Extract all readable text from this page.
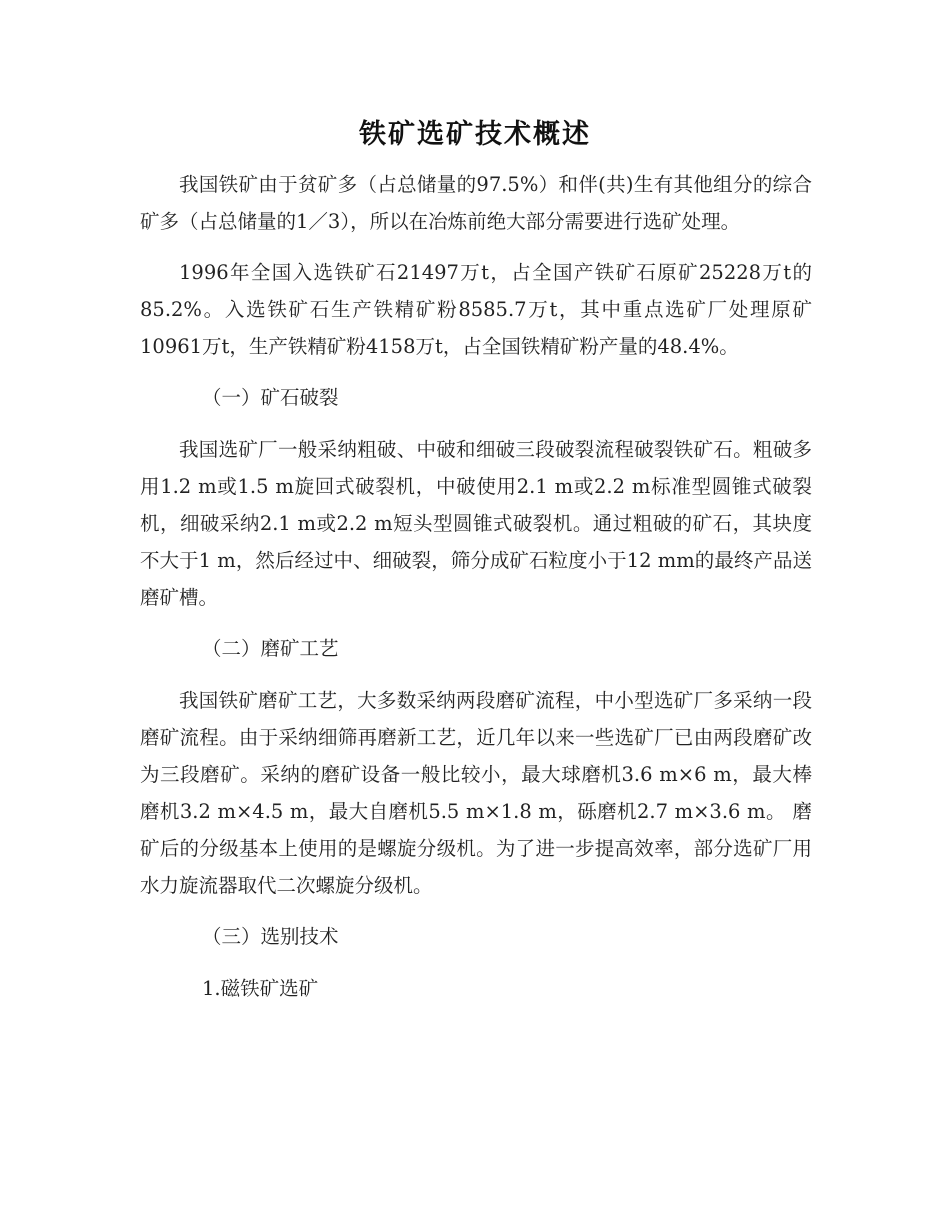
铁矿选矿技术概述

我国铁矿由于贫矿多（占总储量的97.5%）和伴(共)生有其他组分的综合矿多（占总储量的1／3），所以在冶炼前绝大部分需要进行选矿处理。

1996年全国入选铁矿石21497万t，占全国产铁矿石原矿25228万t的85.2%。入选铁矿石生产铁精矿粉8585.7万t，其中重点选矿厂处理原矿10961万t，生产铁精矿粉4158万t，占全国铁精矿粉产量的48.4%。

（一）矿石破裂

我国选矿厂一般采纳粗破、中破和细破三段破裂流程破裂铁矿石。粗破多用1.2 m或1.5 m旋回式破裂机，中破使用2.1 m或2.2 m标准型圆锥式破裂机，细破采纳2.1 m或2.2 m短头型圆锥式破裂机。通过粗破的矿石，其块度不大于1 m，然后经过中、细破裂，筛分成矿石粒度小于12 mm的最终产品送磨矿槽。

（二）磨矿工艺

我国铁矿磨矿工艺，大多数采纳两段磨矿流程，中小型选矿厂多采纳一段磨矿流程。由于采纳细筛再磨新工艺，近几年以来一些选矿厂已由两段磨矿改为三段磨矿。采纳的磨矿设备一般比较小，最大球磨机3.6 m×6 m，最大棒磨机3.2 m×4.5 m，最大自磨机5.5 m×1.8 m，砾磨机2.7 m×3.6 m。 磨矿后的分级基本上使用的是螺旋分级机。为了进一步提高效率，部分选矿厂用水力旋流器取代二次螺旋分级机。

（三）选别技术

1.磁铁矿选矿
